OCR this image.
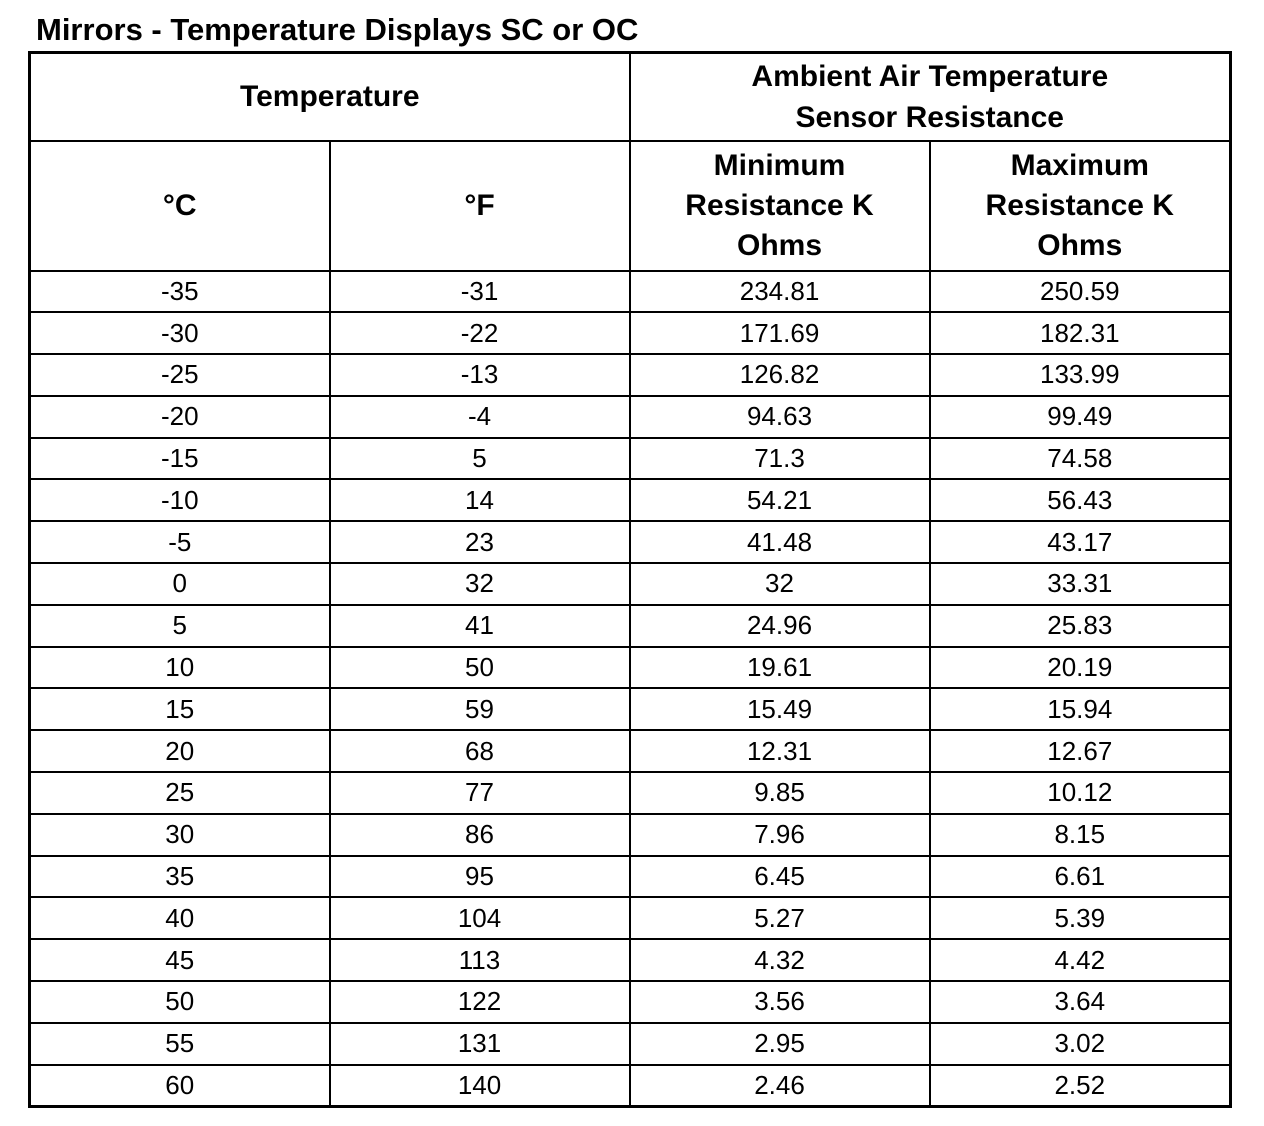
Mirrors - Temperature Displays SC or OC
Temperature		Ambient Air Temperature
Sensor Resistance	

°C	°F	Minimum
Resistance K
Ohms	Maximum
Resistance K
Ohms

-35	-31	234.81	250.59
-30	-22	171.69	182.31
-25	-13	126.82	133.99
-20	-4	94.63	99.49
-15	5	71.3	74.58
-10	14	54.21	56.43
-5	23	41.48	43.17
0	32	32	33.31
5	41	24.96	25.83
10	50	19.61	20.19
15	59	15.49	15.94
20	68	12.31	12.67
25	77	9.85	10.12
30	86	7.96	8.15
35	95	6.45	6.61
40	104	5.27	5.39
45	113	4.32	4.42
50	122	3.56	3.64
55	131	2.95	3.02
60	140	2.46	2.52
